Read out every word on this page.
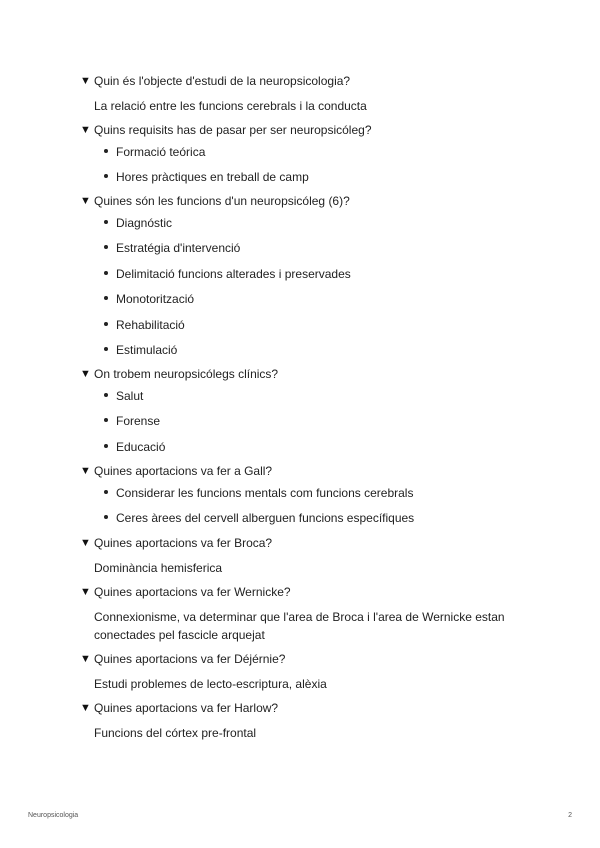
▼ Quin és l'objecte d'estudi de la neuropsicologia?
La relació entre les funcions cerebrals i la conducta
▼ Quins requisits has de pasar per ser neuropsicóleg?
Formació teórica
Hores pràctiques en treball de camp
▼ Quines són les funcions d'un neuropsicóleg (6)?
Diagnóstic
Estratégia d'intervenció
Delimitació funcions alterades i preservades
Monotorització
Rehabilitació
Estimulació
▼ On trobem neuropsicólegs clínics?
Salut
Forense
Educació
▼ Quines aportacions va fer a Gall?
Considerar les funcions mentals com funcions cerebrals
Ceres àrees del cervell alberguen funcions específiques
▼ Quines aportacions va fer Broca?
Dominància hemisferica
▼ Quines aportacions va fer Wernicke?
Connexionisme, va determinar que l'area de Broca i l'area de Wernicke estan conectades pel fascicle arquejat
▼ Quines aportacions va fer Déjérnie?
Estudi problemes de lecto-escriptura, alèxia
▼ Quines aportacions va fer Harlow?
Funcions del córtex pre-frontal
Neuropsicologia	2
